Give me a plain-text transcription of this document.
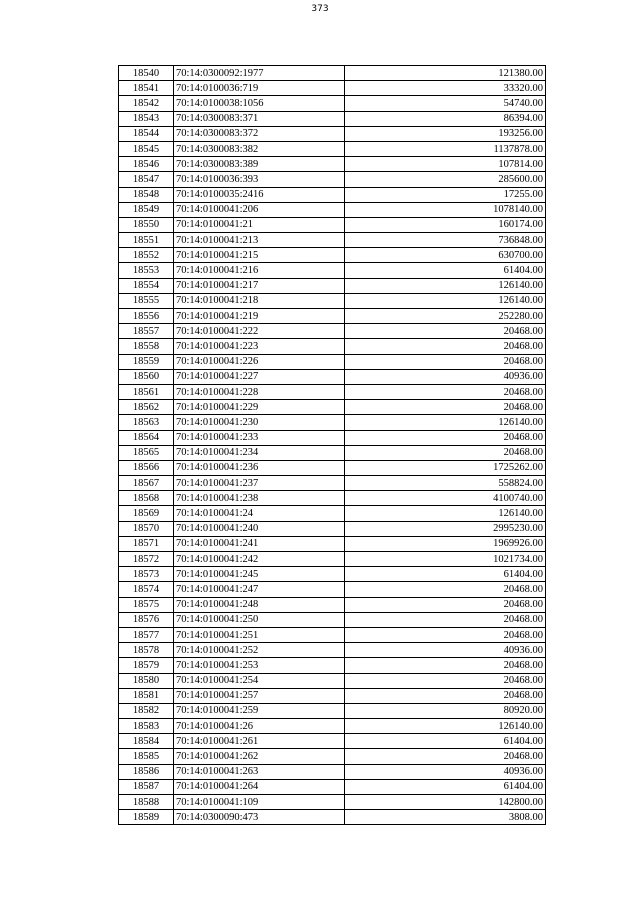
373
18540	70:14:0300092:1977	121380.00
18541	70:14:0100036:719	33320.00
18542	70:14:0100038:1056	54740.00
18543	70:14:0300083:371	86394.00
18544	70:14:0300083:372	193256.00
18545	70:14:0300083:382	1137878.00
18546	70:14:0300083:389	107814.00
18547	70:14:0100036:393	285600.00
18548	70:14:0100035:2416	17255.00
18549	70:14:0100041:206	1078140.00
18550	70:14:0100041:21	160174.00
18551	70:14:0100041:213	736848.00
18552	70:14:0100041:215	630700.00
18553	70:14:0100041:216	61404.00
18554	70:14:0100041:217	126140.00
18555	70:14:0100041:218	126140.00
18556	70:14:0100041:219	252280.00
18557	70:14:0100041:222	20468.00
18558	70:14:0100041:223	20468.00
18559	70:14:0100041:226	20468.00
18560	70:14:0100041:227	40936.00
18561	70:14:0100041:228	20468.00
18562	70:14:0100041:229	20468.00
18563	70:14:0100041:230	126140.00
18564	70:14:0100041:233	20468.00
18565	70:14:0100041:234	20468.00
18566	70:14:0100041:236	1725262.00
18567	70:14:0100041:237	558824.00
18568	70:14:0100041:238	4100740.00
18569	70:14:0100041:24	126140.00
18570	70:14:0100041:240	2995230.00
18571	70:14:0100041:241	1969926.00
18572	70:14:0100041:242	1021734.00
18573	70:14:0100041:245	61404.00
18574	70:14:0100041:247	20468.00
18575	70:14:0100041:248	20468.00
18576	70:14:0100041:250	20468.00
18577	70:14:0100041:251	20468.00
18578	70:14:0100041:252	40936.00
18579	70:14:0100041:253	20468.00
18580	70:14:0100041:254	20468.00
18581	70:14:0100041:257	20468.00
18582	70:14:0100041:259	80920.00
18583	70:14:0100041:26	126140.00
18584	70:14:0100041:261	61404.00
18585	70:14:0100041:262	20468.00
18586	70:14:0100041:263	40936.00
18587	70:14:0100041:264	61404.00
18588	70:14:0100041:109	142800.00
18589	70:14:0300090:473	3808.00
